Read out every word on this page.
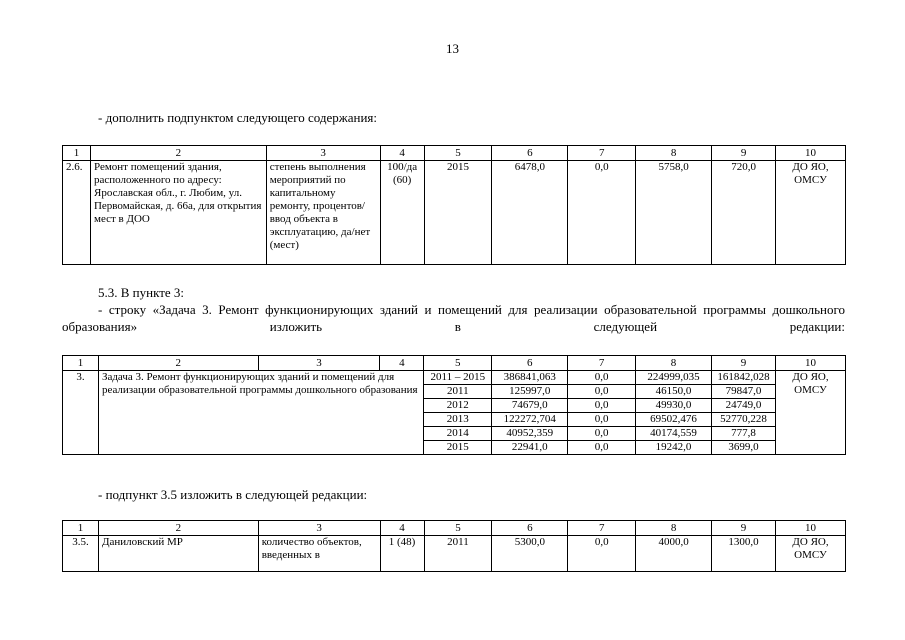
13
- дополнить подпунктом следующего содержания:
1	2	3	4	5	6	7	8	9	10
2.6.	Ремонт помещений здания, расположенного по адресу: Ярославская обл., г. Любим, ул. Первомайская, д. 66а, для открытия мест в ДОО	степень выполнения мероприятий по капитальному ремонту, процентов/ ввод объекта в эксплуатацию, да/нет (мест)	100/да (60)	2015	6478,0	0,0	5758,0	720,0	ДО ЯО, ОМСУ
5.3. В пункте 3:
- строку «Задача 3. Ремонт функционирующих зданий и помещений для реализации образовательной программы дошкольного образования» изложить в следующей редакции:
1	2	3	4	5	6	7	8	9	10
3.	Задача 3. Ремонт функционирующих зданий и помещений для реализации образовательной программы дошкольного образования			2011 – 2015	386841,063	0,0	224999,035	161842,028	ДО ЯО, ОМСУ
				2011	125997,0	0,0	46150,0	79847,0	
				2012	74679,0	0,0	49930,0	24749,0	
				2013	122272,704	0,0	69502,476	52770,228	
				2014	40952,359	0,0	40174,559	777,8	
				2015	22941,0	0,0	19242,0	3699,0	
- подпункт 3.5 изложить в следующей редакции:
1	2	3	4	5	6	7	8	9	10
3.5.	Даниловский МР	количество объектов, введенных в	1 (48)	2011	5300,0	0,0	4000,0	1300,0	ДО ЯО, ОМСУ
